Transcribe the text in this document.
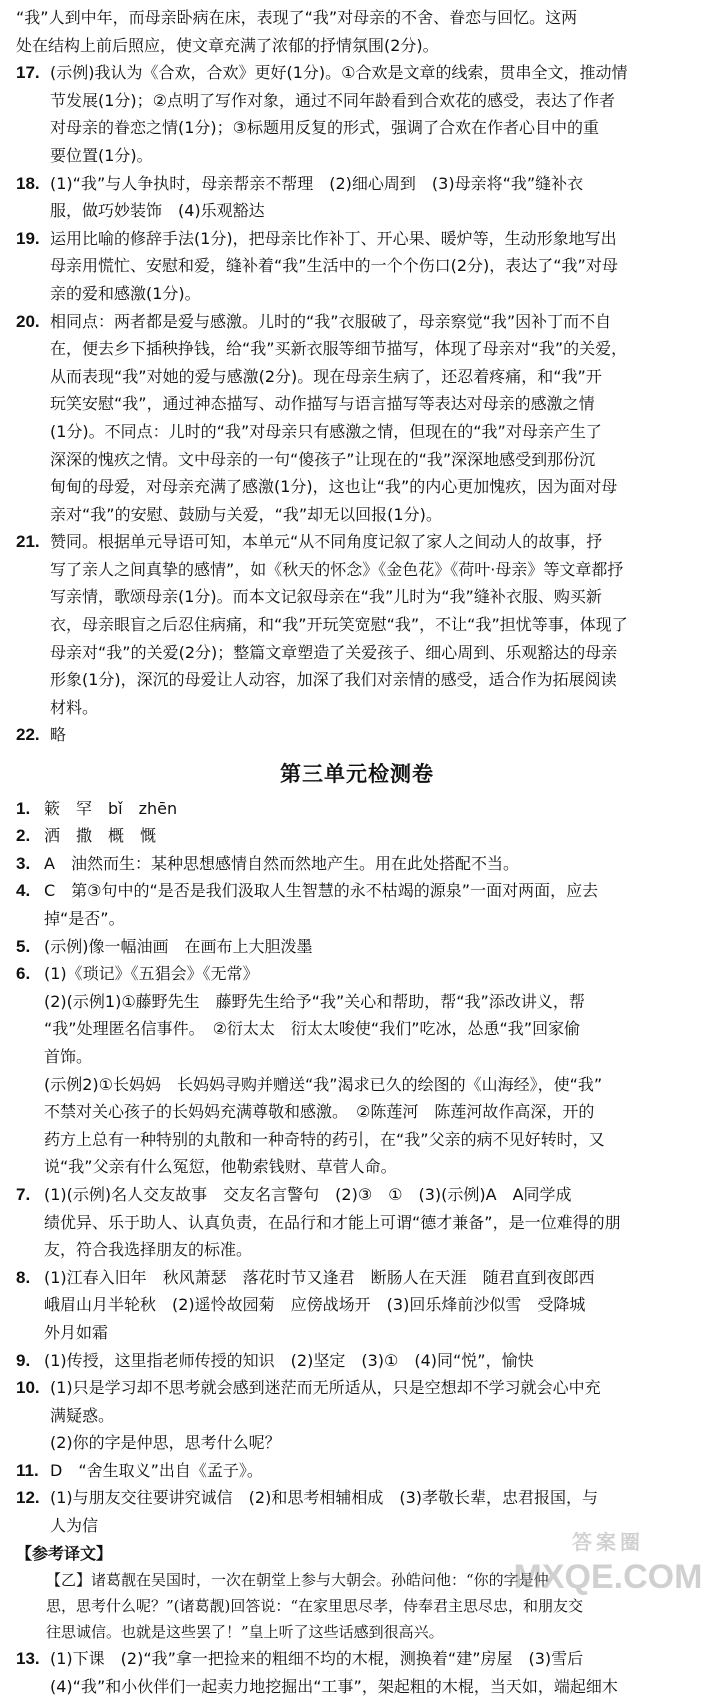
“我”人到中年，而母亲卧病在床，表现了“我”对母亲的不舍、眷恋与回忆。这两

处在结构上前后照应，使文章充满了浓郁的抒情氛围(2分)。

17. (示例)我认为《合欢，合欢》更好(1分)。①合欢是文章的线索，贯串全文，推动情

节发展(1分)；②点明了写作对象，通过不同年龄看到合欢花的感受，表达了作者

对母亲的眷恋之情(1分)；③标题用反复的形式，强调了合欢在作者心目中的重

要位置(1分)。

18. (1)“我”与人争执时，母亲帮亲不帮理　(2)细心周到　(3)母亲将“我”缝补衣

服，做巧妙装饰　(4)乐观豁达

19. 运用比喻的修辞手法(1分)，把母亲比作补丁、开心果、暖炉等，生动形象地写出

母亲用慌忙、安慰和爱，缝补着“我”生活中的一个个伤口(2分)，表达了“我”对母

亲的爱和感激(1分)。

20. 相同点：两者都是爱与感激。儿时的“我”衣服破了，母亲察觉“我”因补丁而不自

在，便去乡下插秧挣钱，给“我”买新衣服等细节描写，体现了母亲对“我”的关爱，

从而表现“我”对她的爱与感激(2分)。现在母亲生病了，还忍着疼痛，和“我”开

玩笑安慰“我”，通过神态描写、动作描写与语言描写等表达对母亲的感激之情

(1分)。不同点：儿时的“我”对母亲只有感激之情，但现在的“我”对母亲产生了

深深的愧疚之情。文中母亲的一句“傻孩子”让现在的“我”深深地感受到那份沉

甸甸的母爱，对母亲充满了感激(1分)，这也让“我”的内心更加愧疚，因为面对母

亲对“我”的安慰、鼓励与关爱，“我”却无以回报(1分)。

21. 赞同。根据单元导语可知，本单元“从不同角度记叙了家人之间动人的故事，抒

写了亲人之间真挚的感情”，如《秋天的怀念》《金色花》《荷叶·母亲》等文章都抒

写亲情，歌颂母亲(1分)。而本文记叙母亲在“我”儿时为“我”缝补衣服、购买新

衣，母亲眼盲之后忍住病痛，和“我”开玩笑宽慰“我”，不让“我”担忧等事，体现了

母亲对“我”的关爱(2分)；整篇文章塑造了关爱孩子、细心周到、乐观豁达的母亲

形象(1分)，深沉的母爱让人动容，加深了我们对亲情的感受，适合作为拓展阅读

材料。

22. 略

第三单元检测卷
1. 簌　罕　bǐ　zhēn

2. 洒　撒　概　慨

3. A　油然而生：某种思想感情自然而然地产生。用在此处搭配不当。

4. C　第③句中的“是否是我们汲取人生智慧的永不枯竭的源泉”一面对两面，应去

掉“是否”。

5. (示例)像一幅油画　在画布上大胆泼墨

6. (1)《琐记》《五猖会》《无常》

(2)(示例1)①藤野先生　藤野先生给予“我”关心和帮助，帮“我”添改讲义，帮

“我”处理匿名信事件。　②衍太太　衍太太唆使“我们”吃冰，怂恿“我”回家偷

首饰。

(示例2)①长妈妈　长妈妈寻购并赠送“我”渴求已久的绘图的《山海经》，使“我”

不禁对关心孩子的长妈妈充满尊敬和感激。　②陈莲河　陈莲河故作高深，开的

药方上总有一种特别的丸散和一种奇特的药引，在“我”父亲的病不见好转时，又

说“我”父亲有什么冤愆，他勒索钱财、草菅人命。

7. (1)(示例)名人交友故事　交友名言警句　(2)③　①　(3)(示例)A　A同学成

绩优异、乐于助人、认真负责，在品行和才能上可谓“德才兼备”，是一位难得的朋

友，符合我选择朋友的标准。

8. (1)江春入旧年　秋风萧瑟　落花时节又逢君　断肠人在天涯　随君直到夜郎西

峨眉山月半轮秋　(2)遥怜故园菊　应傍战场开　(3)回乐烽前沙似雪　受降城

外月如霜

9. (1)传授，这里指老师传授的知识　(2)坚定　(3)①　(4)同“悦”，愉快

10. (1)只是学习却不思考就会感到迷茫而无所适从，只是空想却不学习就会心中充

满疑惑。

(2)你的字是仲思，思考什么呢？

11. D　“舍生取义”出自《孟子》。

12. (1)与朋友交往要讲究诚信　(2)和思考相辅相成　(3)孝敬长辈，忠君报国，与

人为信

【参考译文】

【乙】诸葛靓在吴国时，一次在朝堂上参与大朝会。孙皓问他：“你的字是仲

思，思考什么呢？”(诸葛靓)回答说：“在家里思尽孝，侍奉君主思尽忠，和朋友交

往思诚信。也就是这些罢了！”皇上听了这些话感到很高兴。

13. (1)下课　(2)“我”拿一把捡来的粗细不均的木棍，测换着“建”房屋　(3)雪后

(4)“我”和小伙伴们一起卖力地挖掘出“工事”，架起粗的木棍，当天如，端起细木

答案圈
MXQE.COM
